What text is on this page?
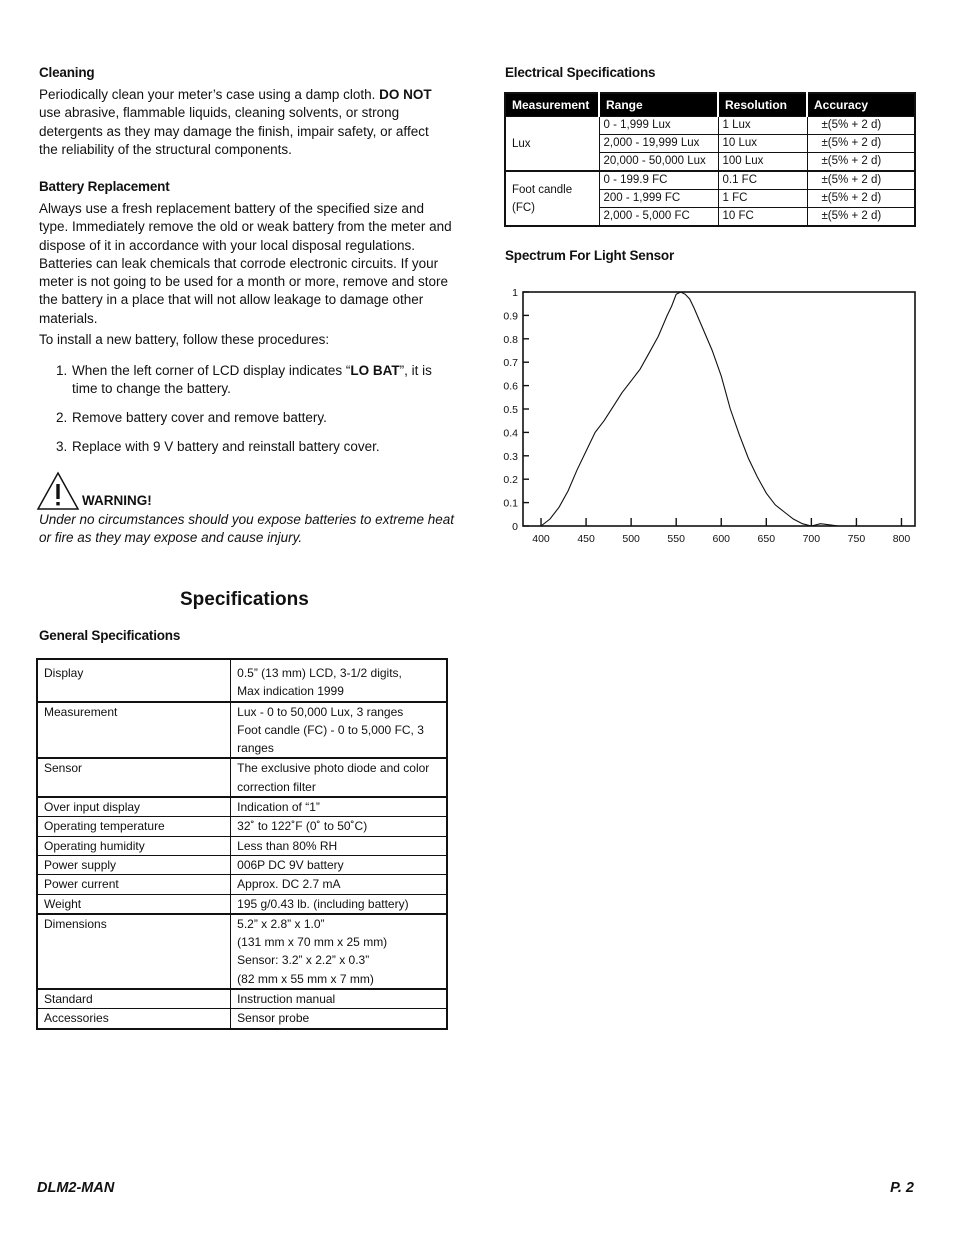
Cleaning
Periodically clean your meter’s case using a damp cloth. DO NOT use abrasive, flammable liquids, cleaning solvents, or strong detergents as they may damage the finish, impair safety, or affect the reliability of the structural components.
Battery Replacement
Always use a fresh replacement battery of the specified size and type. Immediately remove the old or weak battery from the meter and dispose of it in accordance with your local disposal regulations. Batteries can leak chemicals that corrode electronic circuits. If your meter is not going to be used for a month or more, remove and store the battery in a place that will not allow leakage to damage other materials.
To install a new battery, follow these procedures:
1. When the left corner of LCD display indicates “LO BAT”, it is time to change the battery.
2. Remove battery cover and remove battery.
3. Replace with 9 V battery and reinstall battery cover.
WARNING!
Under no circumstances should you expose batteries to extreme heat or fire as they may expose and cause injury.
Specifications
General Specifications
Display	0.5” (13 mm) LCD, 3-1/2 digits,
Max indication 1999

Measurement	Lux - 0 to 50,000 Lux, 3 ranges
Foot candle (FC) - 0 to 5,000 FC, 3 ranges

Sensor	The exclusive photo diode and color
correction filter

Over input display	Indication of “1”

Operating temperature	32˚ to 122˚F (0˚ to 50˚C)

Operating humidity	Less than 80% RH

Power supply	006P DC 9V battery

Power current	Approx. DC 2.7 mA

Weight	195 g/0.43 lb. (including battery)

Dimensions	5.2” x 2.8” x 1.0”
(131 mm x 70 mm x 25 mm)
Sensor: 3.2” x 2.2” x 0.3”
(82 mm x 55 mm x 7 mm)

Standard	Instruction manual

Accessories	Sensor probe
Electrical Specifications
Measurement	Range	Resolution	Accuracy

Lux	0 - 1,999 Lux	1 Lux	±(5% + 2 d)
	2,000 - 19,999 Lux	10 Lux	±(5% + 2 d)
	20,000 - 50,000 Lux	100 Lux	±(5% + 2 d)

Foot candle
(FC)	0 - 199.9 FC	0.1 FC	±(5% + 2 d)
	200 - 1,999 FC	1 FC	±(5% + 2 d)
	2,000 - 5,000 FC	10 FC	±(5% + 2 d)
Spectrum For Light Sensor
0
0.1
0.2
0.3
0.4
0.5
0.6
0.7
0.8
0.9
1
400	450	500	550	600	650	700	750	800
DLM2-MAN	P. 2
